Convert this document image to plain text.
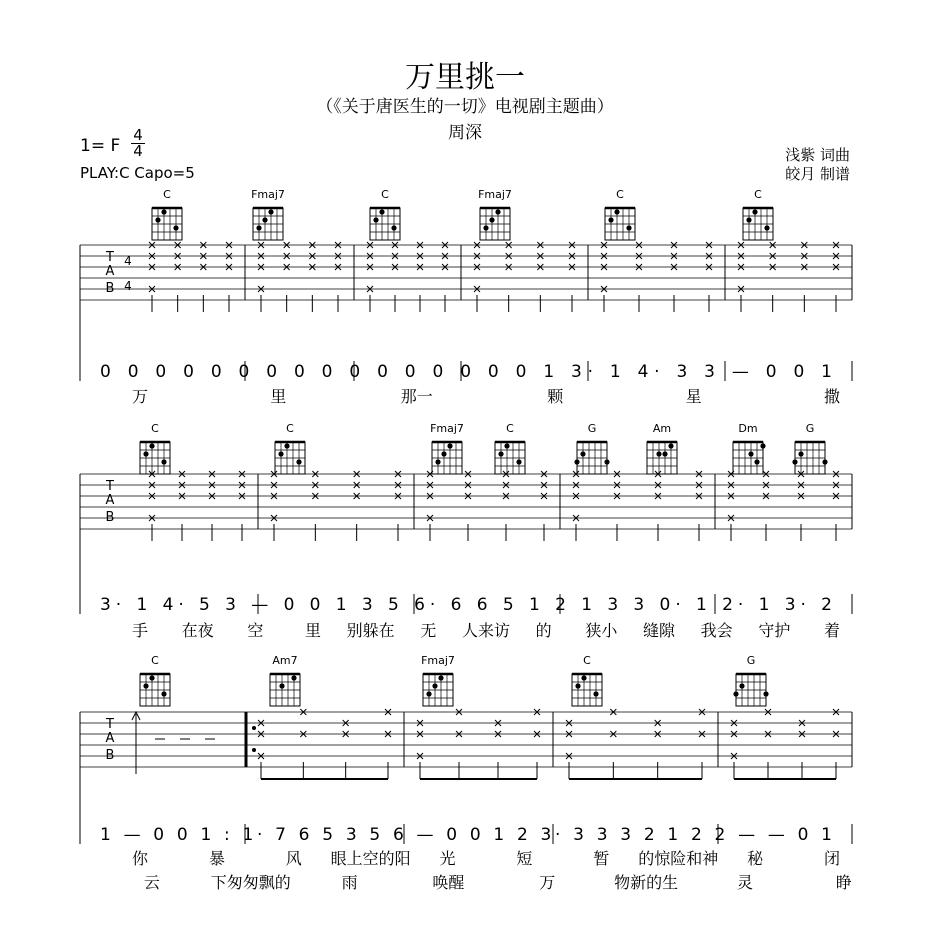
万里挑一
（《关于唐医生的一切》电视剧主题曲）
周深
1= F
4
4
PLAY:C Capo=5
浅紫 词曲
皎月 制谱
T
A
B
4
4
T
A
B
T
A
B
C	Fmaj7	C	Fmaj7	C	C
C	C	Fmaj7	C	G	Am	Dm	G
C	Am7	Fmaj7	C	G
0 0 0 0 0 0 0 0 0 0 0 0 0 0 0 0 1 3· 1 4· 3 3 — 0 0 1
3· 1 4· 5 3 — 0 0 1 3 5 6· 6 6 5 1 2 1 3 3 0· 1 2· 1 3· 2
1 — 0 0 1 : 1· 7 6 5 3 5 6 — 0 0 1 2 3· 3 3 3 2 1 2 2 — — 0 1
万	里	那一	颗	星	撒
手 在夜 空	里 别躲在 无 人来访 的 狭小 缝隙 我会 守护 着
你	暴	风 眼上空的阳 光	短	暂 的惊险和神 秘	闭
云	下匆匆飘的	雨	唤醒	万	物新的生	灵	睁
